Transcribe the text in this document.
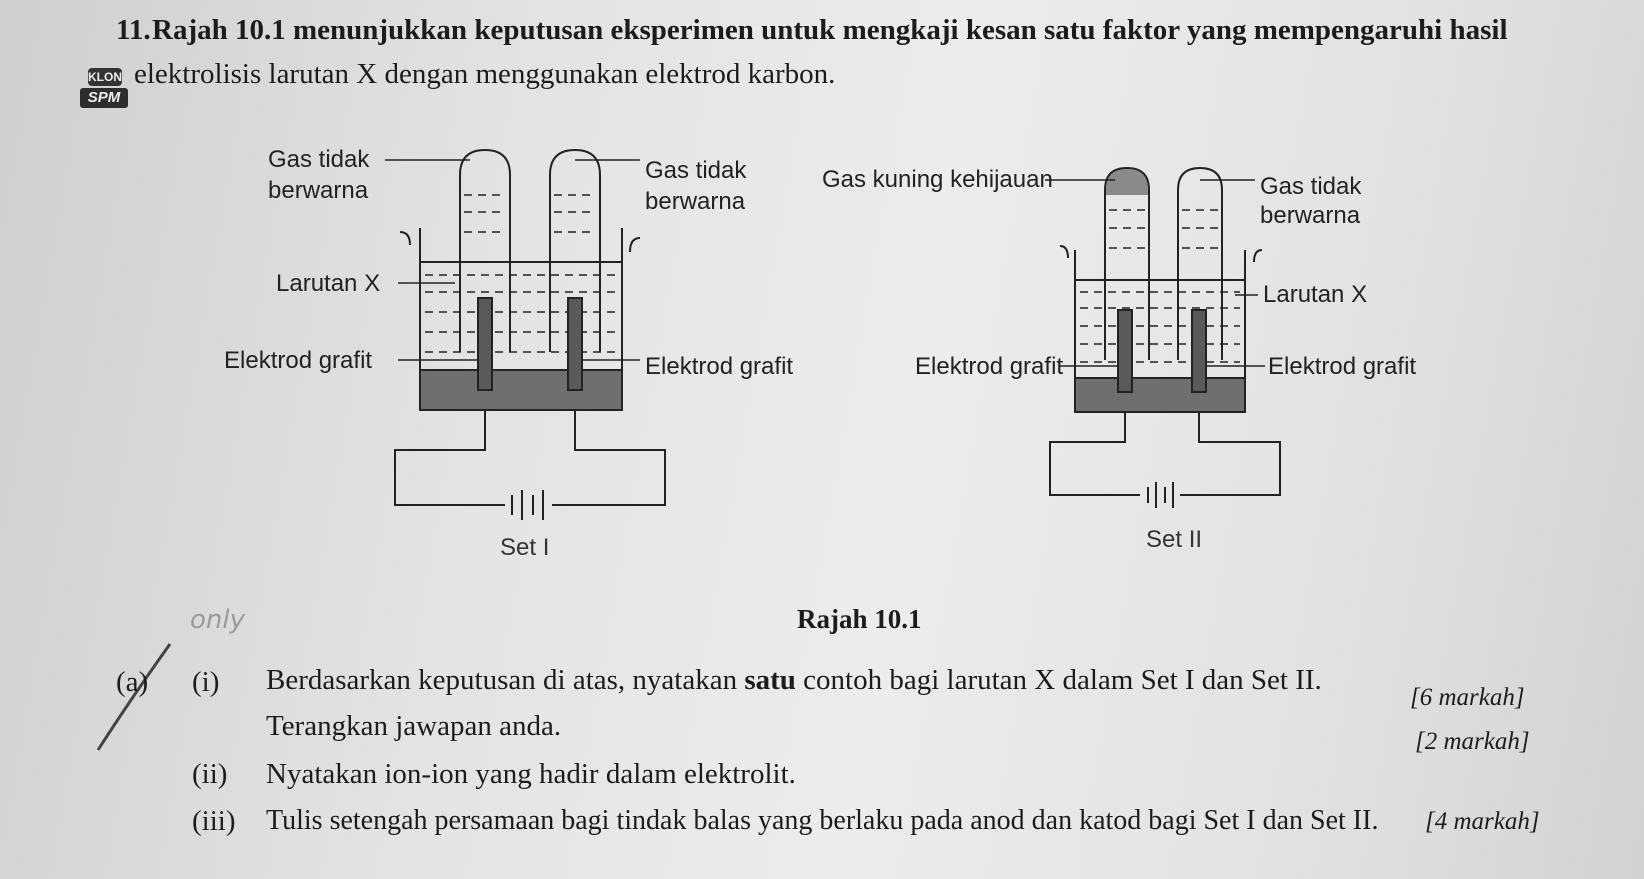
11. Rajah 10.1 menunjukkan keputusan eksperimen untuk mengkaji kesan satu faktor yang mempengaruhi hasil
KLON
SPM
elektrolisis larutan X dengan menggunakan elektrod karbon.
Gas tidak
berwarna
Gas tidak
berwarna
Larutan X
Elektrod grafit	Elektrod grafit
Set I
Gas kuning kehijauan	Gas tidak
berwarna
Larutan X
Elektrod grafit	Elektrod grafit
Set II
only	Rajah 10.1
(a) (i) Berdasarkan keputusan di atas, nyatakan satu contoh bagi larutan X dalam Set I dan Set II.
[6 markah]
Terangkan jawapan anda.	[2 markah]
(ii) Nyatakan ion-ion yang hadir dalam elektrolit.
(iii) Tulis setengah persamaan bagi tindak balas yang berlaku pada anod dan katod bagi Set I dan Set II. [4 markah]
